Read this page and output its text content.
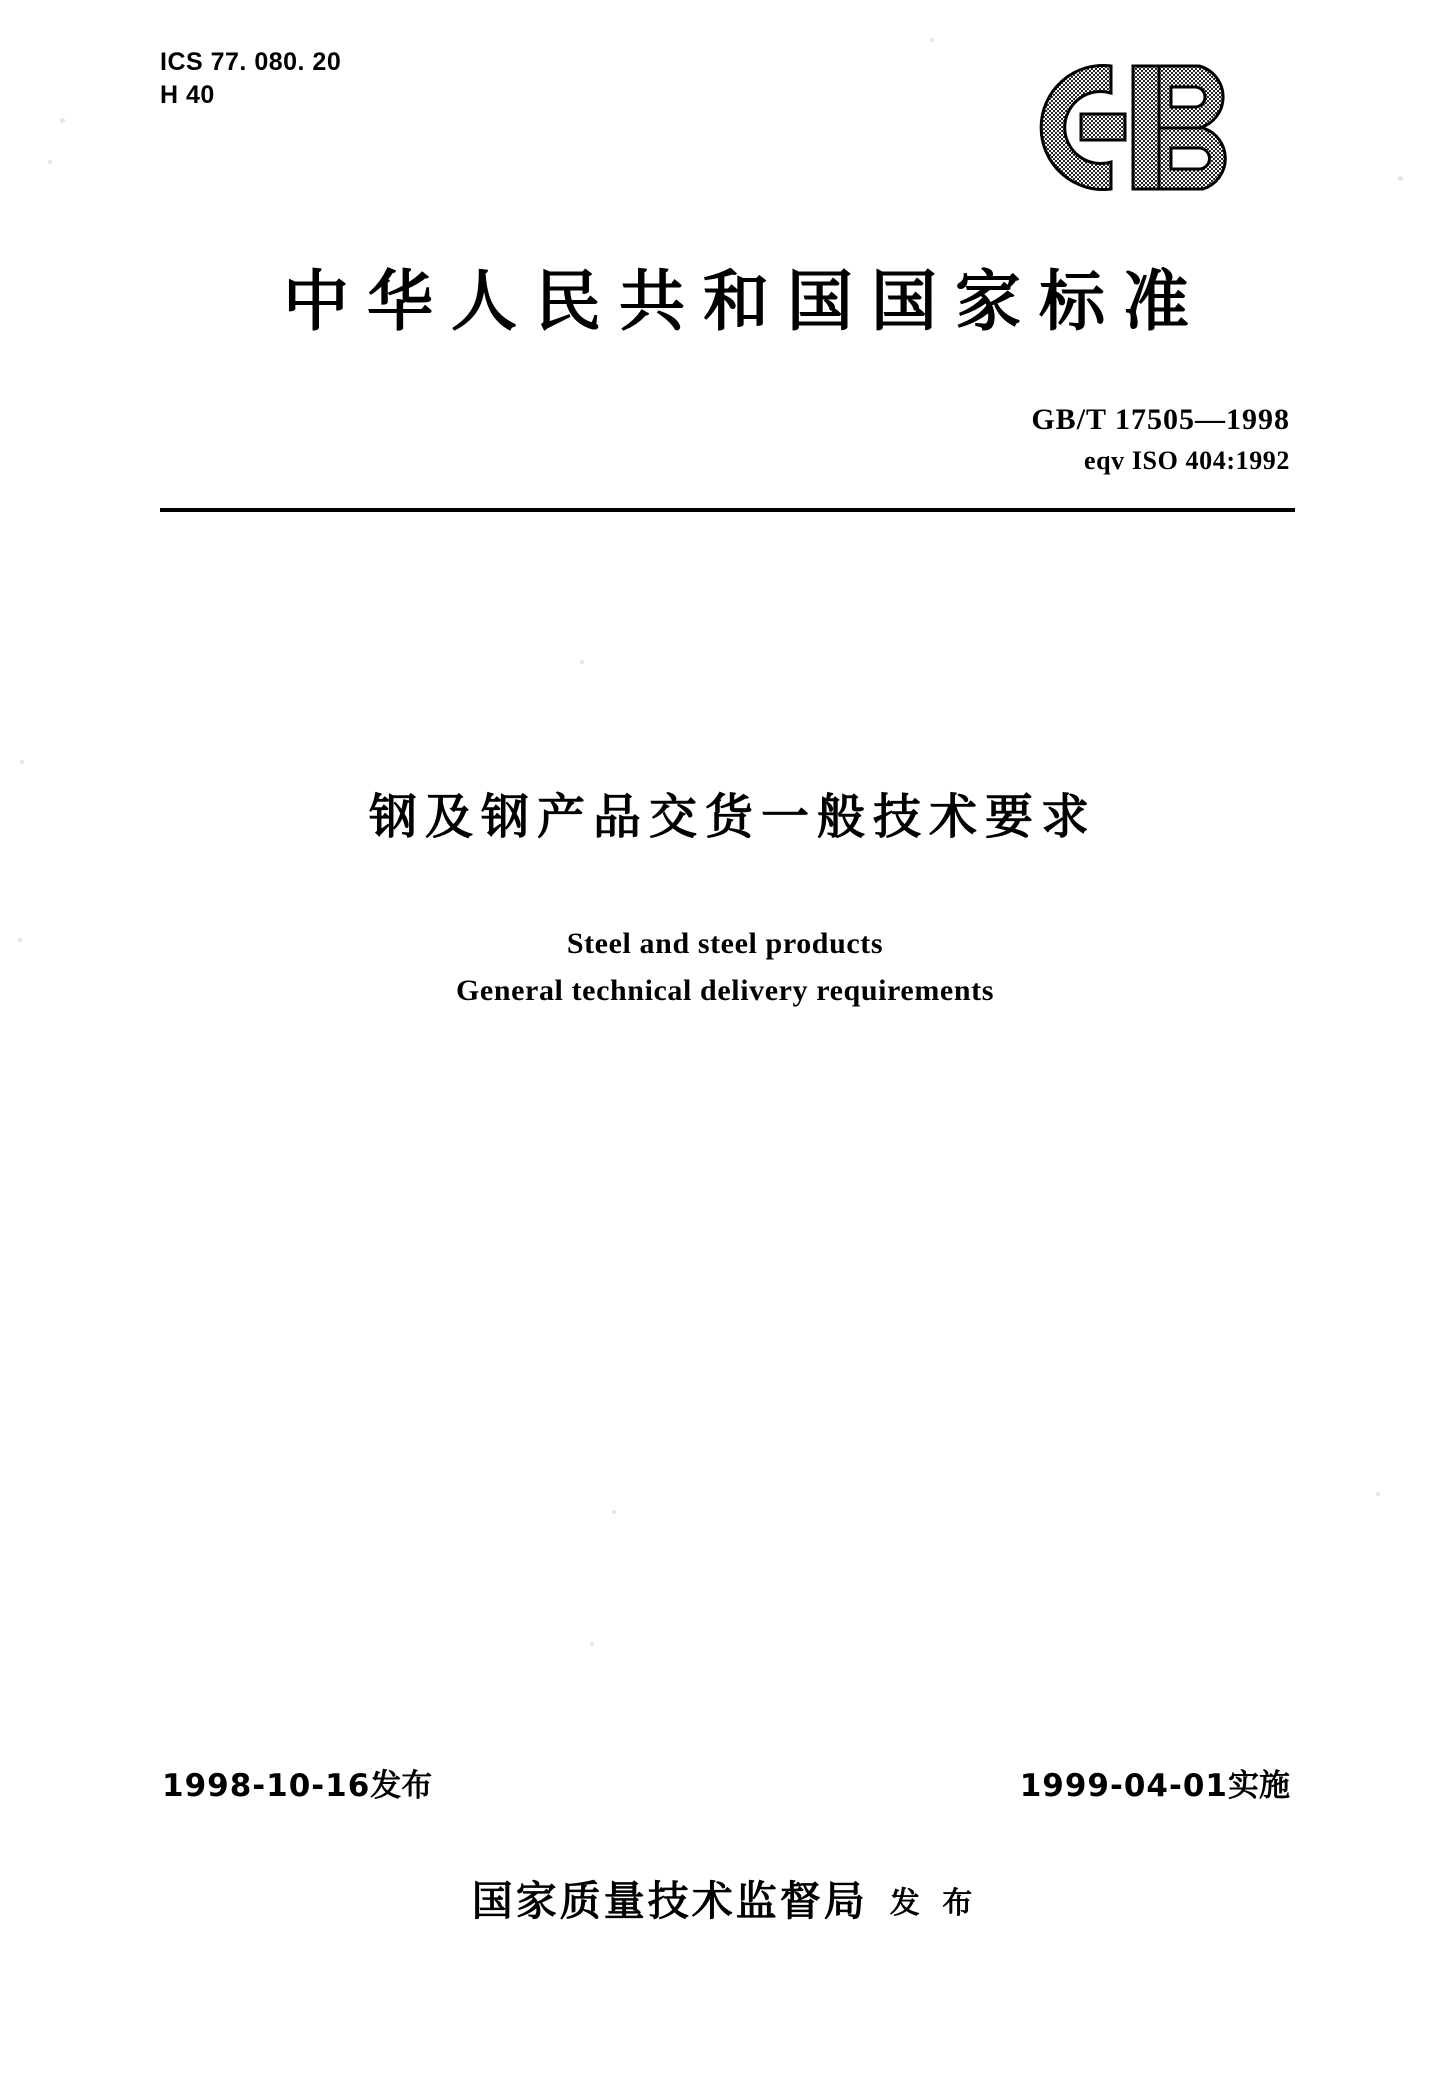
ICS 77. 080. 20
H 40
中华人民共和国国家标准
GB/T 17505—1998
eqv ISO 404:1992
钢及钢产品交货一般技术要求
Steel and steel products
General technical delivery requirements
1998-10-16发布	1999-04-01实施
国家质量技术监督局 发 布
